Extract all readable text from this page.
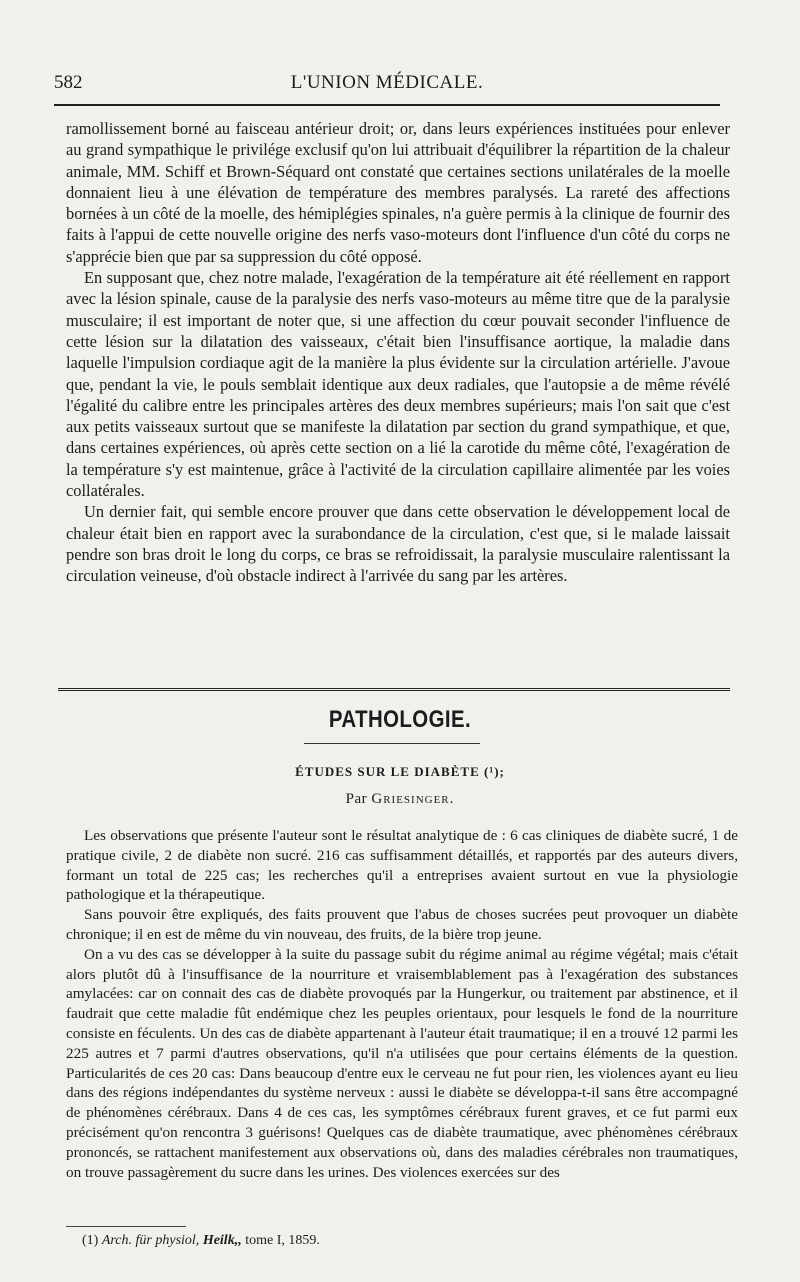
582	L'UNION MÉDICALE.

ramollissement borné au faisceau antérieur droit; or, dans leurs expériences instituées pour enlever au grand sympathique le privilége exclusif qu'on lui attribuait d'équilibrer la répartition de la chaleur animale, MM. Schiff et Brown-Séquard ont constaté que certaines sections unilatérales de la moelle donnaient lieu à une élévation de température des membres paralysés. La rareté des affections bornées à un côté de la moelle, des hémiplégies spinales, n'a guère permis à la clinique de fournir des faits à l'appui de cette nouvelle origine des nerfs vaso-moteurs dont l'influence d'un côté du corps ne s'apprécie bien que par sa suppression du côté opposé.

En supposant que, chez notre malade, l'exagération de la température ait été réellement en rapport avec la lésion spinale, cause de la paralysie des nerfs vaso-moteurs au même titre que de la paralysie musculaire; il est important de noter que, si une affection du cœur pouvait seconder l'influence de cette lésion sur la dilatation des vaisseaux, c'était bien l'insuffisance aortique, la maladie dans laquelle l'impulsion cordiaque agit de la manière la plus évidente sur la circulation artérielle. J'avoue que, pendant la vie, le pouls semblait identique aux deux radiales, que l'autopsie a de même révélé l'égalité du calibre entre les principales artères des deux membres supérieurs; mais l'on sait que c'est aux petits vaisseaux surtout que se manifeste la dilatation par section du grand sympathique, et que, dans certaines expériences, où après cette section on a lié la carotide du même côté, l'exagération de la température s'y est maintenue, grâce à l'activité de la circulation capillaire alimentée par les voies collatérales.

Un dernier fait, qui semble encore prouver que dans cette observation le développement local de chaleur était bien en rapport avec la surabondance de la circulation, c'est que, si le malade laissait pendre son bras droit le long du corps, ce bras se refroidissait, la paralysie musculaire ralentissant la circulation veineuse, d'où obstacle indirect à l'arrivée du sang par les artères.

PATHOLOGIE.
ÉTUDES SUR LE DIABÈTE (¹);
Par Griesinger.

Les observations que présente l'auteur sont le résultat analytique de : 6 cas cliniques de diabète sucré, 1 de pratique civile, 2 de diabète non sucré. 216 cas suffisamment détaillés, et rapportés par des auteurs divers, formant un total de 225 cas; les recherches qu'il a entreprises avaient surtout en vue la physiologie pathologique et la thérapeutique.

Sans pouvoir être expliqués, des faits prouvent que l'abus de choses sucrées peut provoquer un diabète chronique; il en est de même du vin nouveau, des fruits, de la bière trop jeune.

On a vu des cas se développer à la suite du passage subit du régime animal au régime végétal; mais c'était alors plutôt dû à l'insuffisance de la nourriture et vraisemblablement pas à l'exagération des substances amylacées: car on connait des cas de diabète provoqués par la Hungerkur, ou traitement par abstinence, et il faudrait que cette maladie fût endémique chez les peuples orientaux, pour lesquels le fond de la nourriture consiste en féculents. Un des cas de diabète appartenant à l'auteur était traumatique; il en a trouvé 12 parmi les 225 autres et 7 parmi d'autres observations, qu'il n'a utilisées que pour certains éléments de la question. Particularités de ces 20 cas: Dans beaucoup d'entre eux le cerveau ne fut pour rien, les violences ayant eu lieu dans des régions indépendantes du système nerveux : aussi le diabète se développa-t-il sans être accompagné de phénomènes cérébraux. Dans 4 de ces cas, les symptômes cérébraux furent graves, et ce fut parmi eux précisément qu'on rencontra 3 guérisons! Quelques cas de diabète traumatique, avec phénomènes cérébraux prononcés, se rattachent manifestement aux observations où, dans des maladies cérébrales non traumatiques, on trouve passagèrement du sucre dans les urines. Des violences exercées sur des

(1) Arch. für physiol, Heilk,, tome I, 1859.
